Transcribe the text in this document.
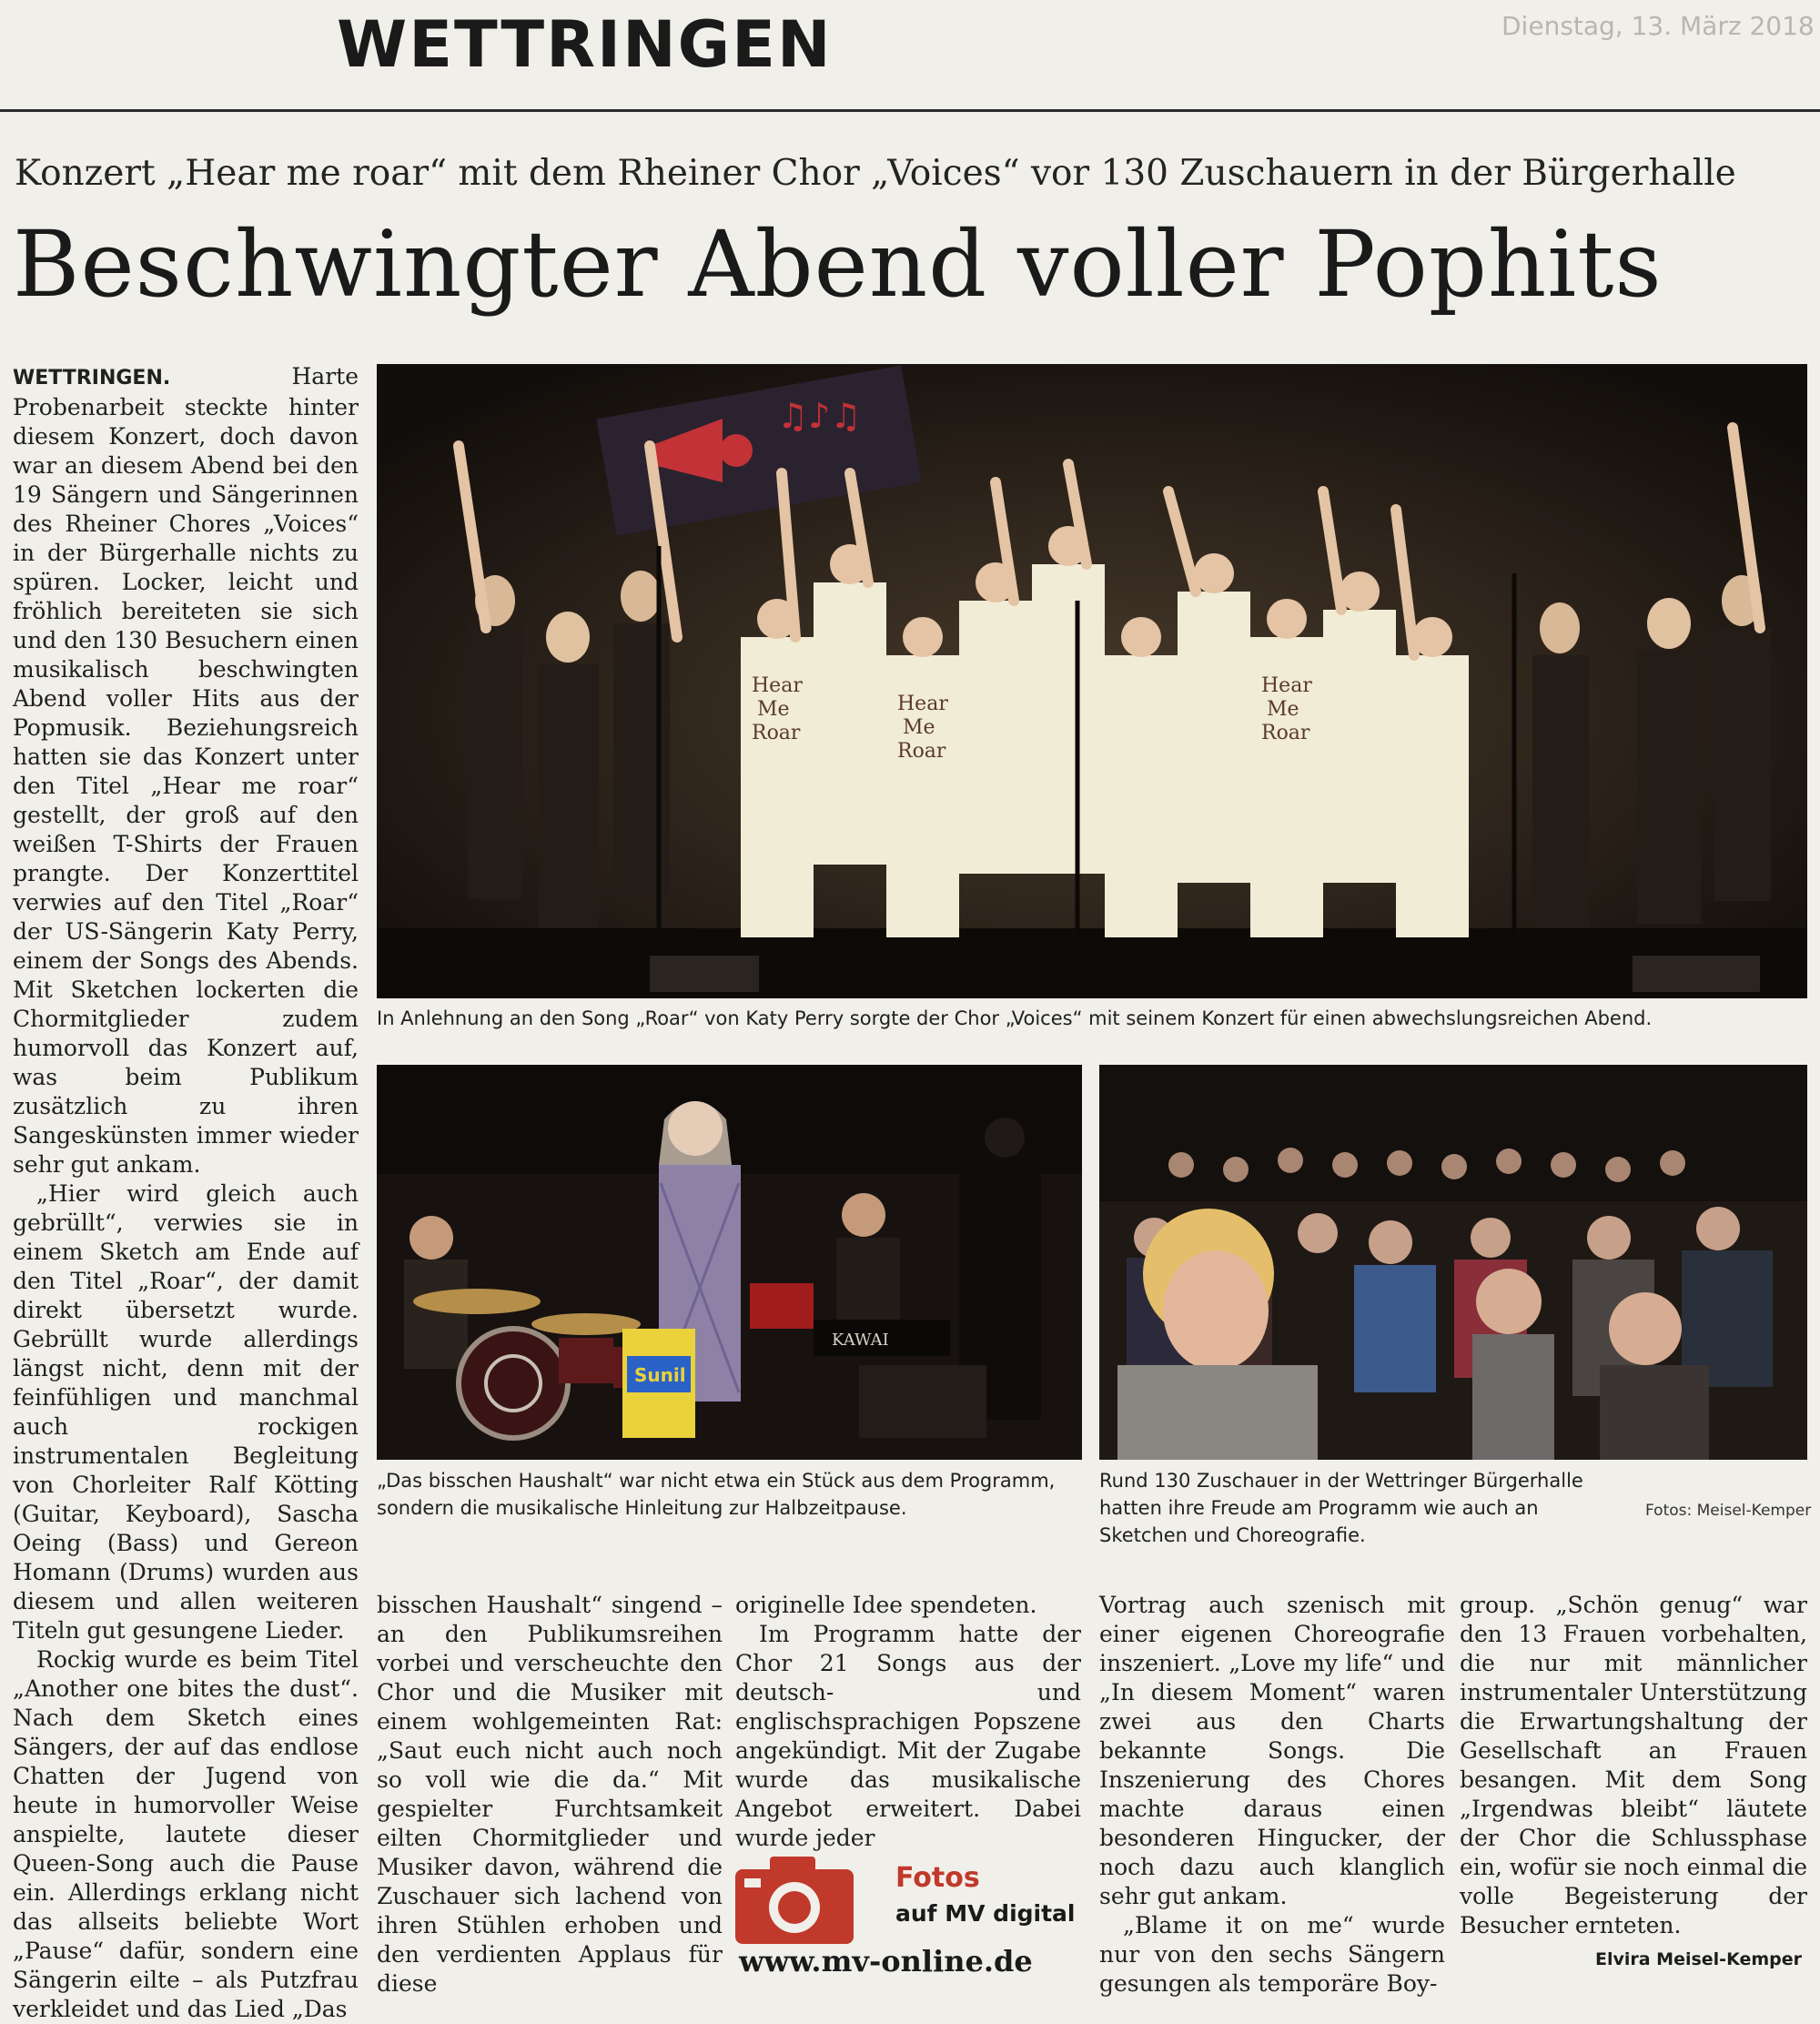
WETTRINGEN	Dienstag, 13. März 2018
Konzert „Hear me roar“ mit dem Rheiner Chor „Voices“ vor 130 Zuschauern in der Bürgerhalle
Beschwingter Abend voller Pophits

WETTRINGEN.	Harte Probenarbeit steckte hinter diesem Konzert, doch davon war an diesem Abend bei den 19 Sängern und Sängerinnen des Rheiner Chores „Voices“ in der Bürgerhalle nichts zu spüren. Locker, leicht und fröhlich bereiteten sie sich und den 130 Besuchern einen musikalisch beschwingten Abend voller Hits aus der Popmusik. Beziehungsreich hatten sie das Konzert unter den Titel „Hear me roar“ gestellt, der groß auf den weißen T-Shirts der Frauen prangte. Der Konzerttitel verwies auf den Titel „Roar“ der US-Sängerin Katy Perry, einem der Songs des Abends. Mit Sketchen lockerten die Chormitglieder zudem humorvoll das Konzert auf, was beim Publikum zusätzlich zu ihren Sangeskünsten immer wieder sehr gut ankam.

„Hier wird gleich auch gebrüllt“, verwies sie in einem Sketch am Ende auf den Titel „Roar“, der damit direkt übersetzt wurde. Gebrüllt wurde allerdings längst nicht, denn mit der feinfühligen und manchmal auch rockigen instrumentalen Begleitung von Chorleiter Ralf Kötting (Guitar, Keyboard), Sascha Oeing (Bass) und Gereon Homann (Drums) wurden aus diesem und allen weiteren Titeln gut gesungene Lieder.

Rockig wurde es beim Titel „Another one bites the dust“. Nach dem Sketch eines Sängers, der auf das endlose Chatten der Jugend von heute in humorvoller Weise anspielte, lautete dieser Queen-Song auch die Pause ein. Allerdings erklang nicht das allseits beliebte Wort „Pause“ dafür, sondern eine Sängerin eilte – als Putzfrau verkleidet und das Lied „Das

♫♪♫
Hear
Me
Roar
Hear
Me
Roar
Hear
Me
Roar
In Anlehnung an den Song „Roar“ von Katy Perry sorgte der Chor „Voices“ mit seinem Konzert für einen abwechslungsreichen Abend.
Sunil
KAWAI
„Das bisschen Haushalt“ war nicht etwa ein Stück aus dem Programm, sondern die musikalische Hinleitung zur Halbzeitpause.
Rund 130 Zuschauer in der Wettringer Bürgerhalle hatten ihre Freude am Programm wie auch an Sketchen und Choreografie.
Fotos: Meisel-Kemper

bisschen Haushalt“ singend – an den Publikumsreihen vorbei und verscheuchte den Chor und die Musiker mit einem wohlgemeinten Rat: „Saut euch nicht auch noch so voll wie die da.“ Mit gespielter Furchtsamkeit eilten Chormitglieder und Musiker davon, während die Zuschauer sich lachend von ihren Stühlen erhoben und den verdienten Applaus für diese

originelle Idee spendeten.

Im Programm hatte der Chor 21 Songs aus der deutsch- und englischsprachigen Popszene angekündigt. Mit der Zugabe wurde das musikalische Angebot erweitert. Dabei wurde jeder

Fotos
auf MV digital
www.mv-online.de

Vortrag auch szenisch mit einer eigenen Choreografie inszeniert. „Love my life“ und „In diesem Moment“ waren zwei aus den Charts bekannte Songs. Die Inszenierung des Chores machte daraus einen besonderen Hingucker, der noch dazu auch klanglich sehr gut ankam.

„Blame it on me“ wurde nur von den sechs Sängern gesungen als temporäre Boy-

group. „Schön genug“ war den 13 Frauen vorbehalten, die nur mit männlicher instrumentaler Unterstützung die Erwartungshaltung der Gesellschaft an Frauen besangen. Mit dem Song „Irgendwas bleibt“ läutete der Chor die Schlussphase ein, wofür sie noch einmal die volle Begeisterung der Besucher ernteten.

Elvira Meisel-Kemper
